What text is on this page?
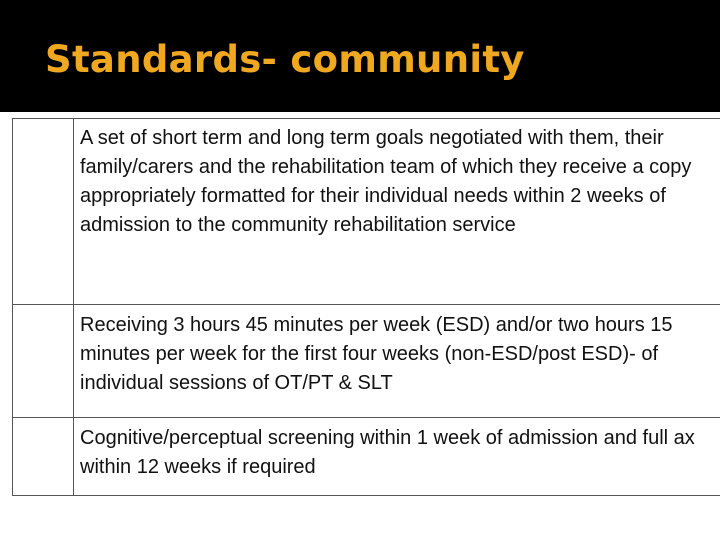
Standards- community
A set of short term and long term goals negotiated with them, their family/carers and the rehabilitation team of which they receive a copy appropriately formatted for their individual needs within 2 weeks of admission to the community rehabilitation service
Receiving 3 hours 45 minutes per week (ESD) and/or two hours 15 minutes per week for the first four weeks (non-ESD/post ESD)- of individual sessions of OT/PT & SLT
Cognitive/perceptual screening within 1 week of admission and full ax within 12 weeks if required
